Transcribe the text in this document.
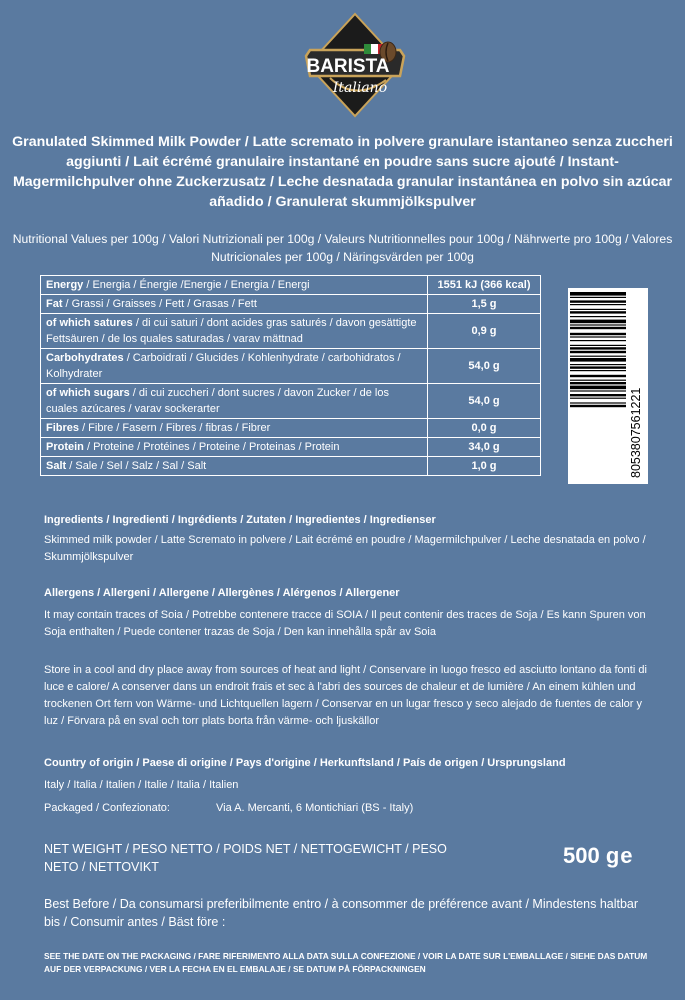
BARISTA
Italiano
Granulated Skimmed Milk Powder / Latte scremato in polvere granulare istantaneo senza zuccheri aggiunti / Lait écrémé granulaire instantané en poudre sans sucre ajouté / Instant-Magermilchpulver ohne Zuckerzusatz / Leche desnatada granular instantánea en polvo sin azúcar añadido / Granulerat skummjölkspulver
Nutritional Values per 100g / Valori Nutrizionali per 100g / Valeurs Nutritionnelles pour 100g / Nährwerte pro 100g / Valores Nutricionales per 100g / Näringsvärden per 100g
Energy / Energia / Énergie /Energie / Energia / Energi	1551 kJ (366 kcal)
Fat / Grassi / Graisses / Fett / Grasas / Fett	1,5 g
of which satures / di cui saturi / dont acides gras saturés / davon gesättigte Fettsäuren / de los quales saturadas / varav mättnad	0,9 g
Carbohydrates / Carboidrati / Glucides / Kohlenhydrate / carbohidratos / Kolhydrater	54,0 g
of which sugars / di cui zuccheri / dont sucres / davon Zucker / de los cuales azúcares / varav sockerarter	54,0 g
Fibres / Fibre / Fasern / Fibres / fibras / Fibrer	0,0 g
Protein / Proteine / Protéines / Proteine / Proteinas / Protein	34,0 g
Salt / Sale / Sel / Salz / Sal / Salt	1,0 g	8053807561221
Ingredients / Ingredienti / Ingrédients / Zutaten / Ingredientes / Ingredienser
Skimmed milk powder / Latte Scremato in polvere / Lait écrémé en poudre / Magermilchpulver / Leche desnatada en polvo / Skummjölkspulver
Allergens / Allergeni / Allergene / Allergènes / Alérgenos / Allergener
It may contain traces of Soia / Potrebbe contenere tracce di SOIA / Il peut contenir des traces de Soja / Es kann Spuren von Soja enthalten / Puede contener trazas de Soja / Den kan innehålla spår av Soia
Store in a cool and dry place away from sources of heat and light / Conservare in luogo fresco ed asciutto lontano da fonti di luce e calore/ A conserver dans un endroit frais et sec à l'abri des sources de chaleur et de lumière / An einem kühlen und trockenen Ort fern von Wärme- und Lichtquellen lagern / Conservar en un lugar fresco y seco alejado de fuentes de calor y luz / Förvara på en sval och torr plats borta från värme- och ljuskällor
Country of origin / Paese di origine / Pays d'origine / Herkunftsland / País de origen / Ursprungsland
Italy / Italia / Italien / Italie / Italia / Italien
Packaged / Confezionato:	Via A. Mercanti, 6 Montichiari (BS - Italy)
NET WEIGHT / PESO NETTO / POIDS NET / NETTOGEWICHT / PESO NETO / NETTOVIKT	500 ge
Best Before / Da consumarsi preferibilmente entro / à consommer de préférence avant / Mindestens haltbar bis / Consumir antes / Bäst före :
SEE THE DATE ON THE PACKAGING / FARE RIFERIMENTO ALLA DATA SULLA CONFEZIONE / VOIR LA DATE SUR L'EMBALLAGE / SIEHE DAS DATUM AUF DER VERPACKUNG / VER LA FECHA EN EL EMBALAJE / SE DATUM PÅ FÖRPACKNINGEN
